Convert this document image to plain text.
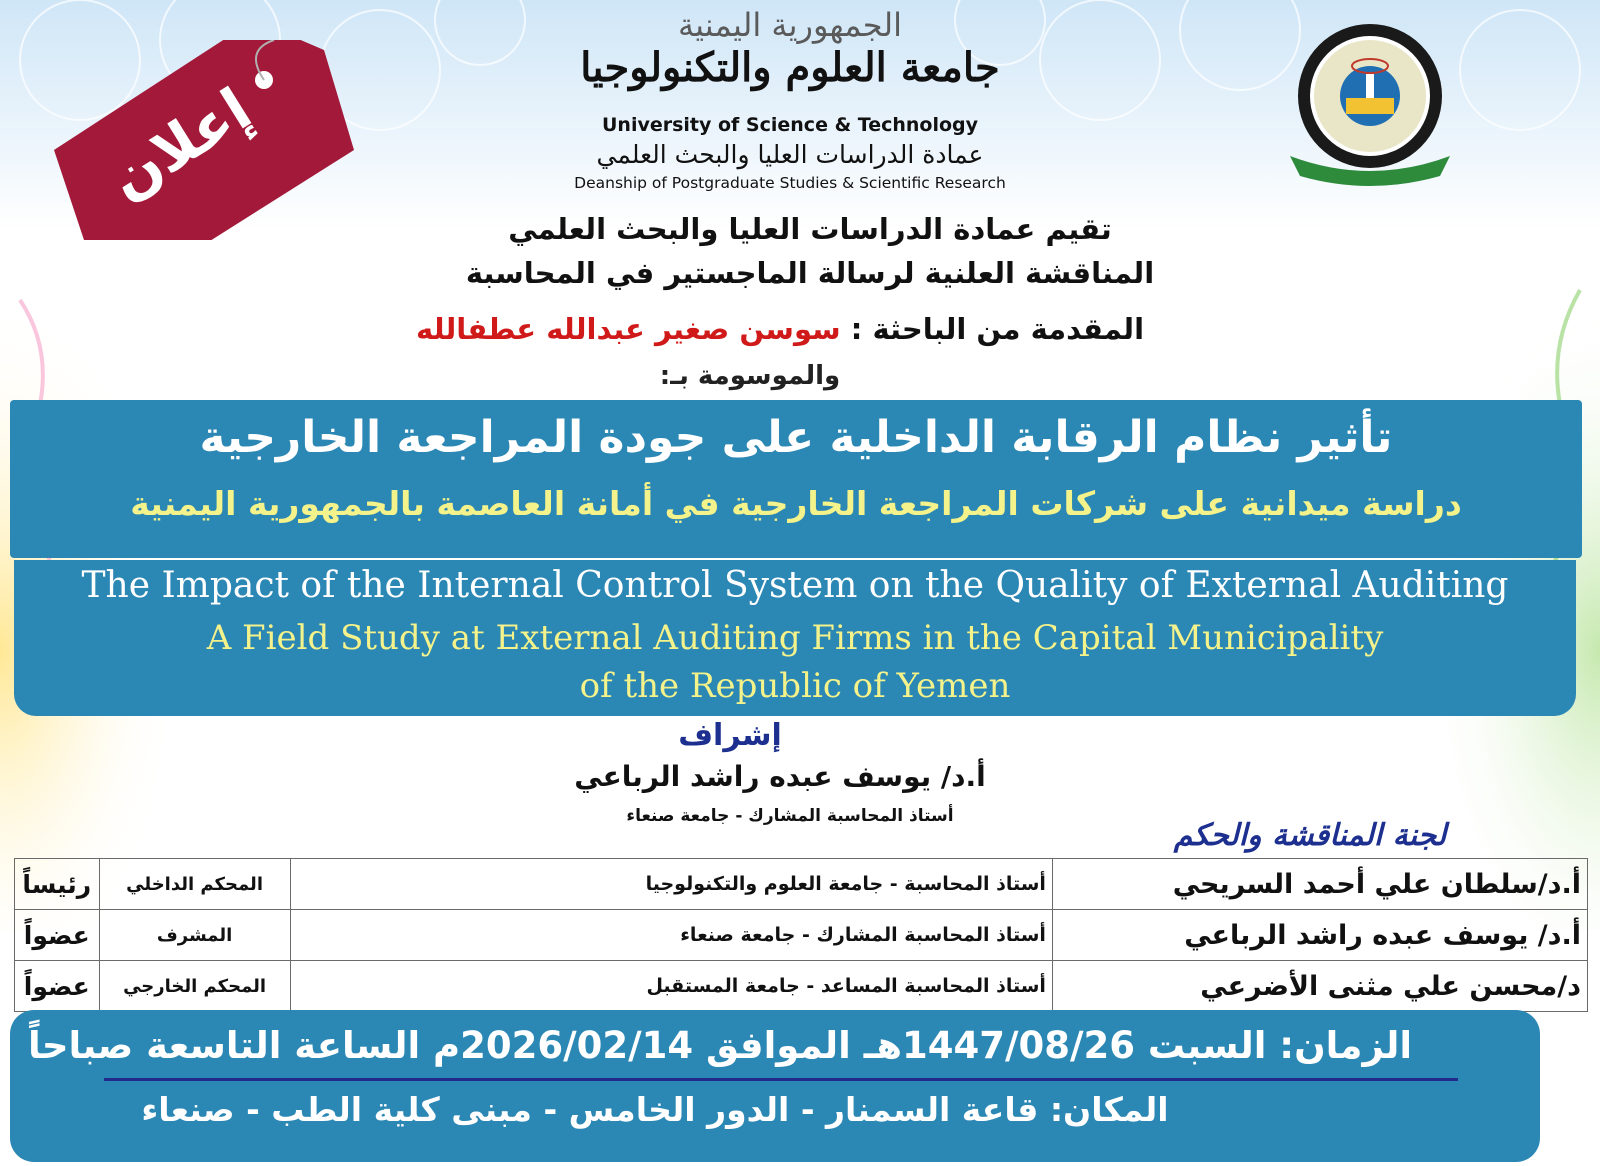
الجمهورية اليمنية
جامعة العلوم والتكنولوجيا
University of Science & Technology
عمادة الدراسات العليا والبحث العلمي
Deanship of Postgraduate Studies & Scientific Research
إعلان
تقيم عمادة الدراسات العليا والبحث العلمي
المناقشة العلنية لرسالة الماجستير في المحاسبة
المقدمة من الباحثة : سوسن صغير عبدالله عطفالله
والموسومة بـ:
تأثير نظام الرقابة الداخلية على جودة المراجعة الخارجية
دراسة ميدانية على شركات المراجعة الخارجية في أمانة العاصمة بالجمهورية اليمنية
The Impact of the Internal Control System on the Quality of External Auditing
A Field Study at External Auditing Firms in the Capital Municipality
of the Republic of Yemen
إشراف
أ.د/ يوسف عبده راشد الرباعي
أستاذ المحاسبة المشارك - جامعة صنعاء
لجنة المناقشة والحكم
أ.د/سلطان علي أحمد السريحي	أستاذ المحاسبة - جامعة العلوم والتكنولوجيا	المحكم الداخلي	رئيساً
أ.د/ يوسف عبده راشد الرباعي	أستاذ المحاسبة المشارك - جامعة صنعاء	المشرف	عضواً
د/محسن علي مثنى الأضرعي	أستاذ المحاسبة المساعد - جامعة المستقبل	المحكم الخارجي	عضواً
الزمان: السبت 1447/08/26هـ الموافق 2026/02/14م الساعة التاسعة صباحاً
المكان: قاعة السمنار - الدور الخامس - مبنى كلية الطب - صنعاء
